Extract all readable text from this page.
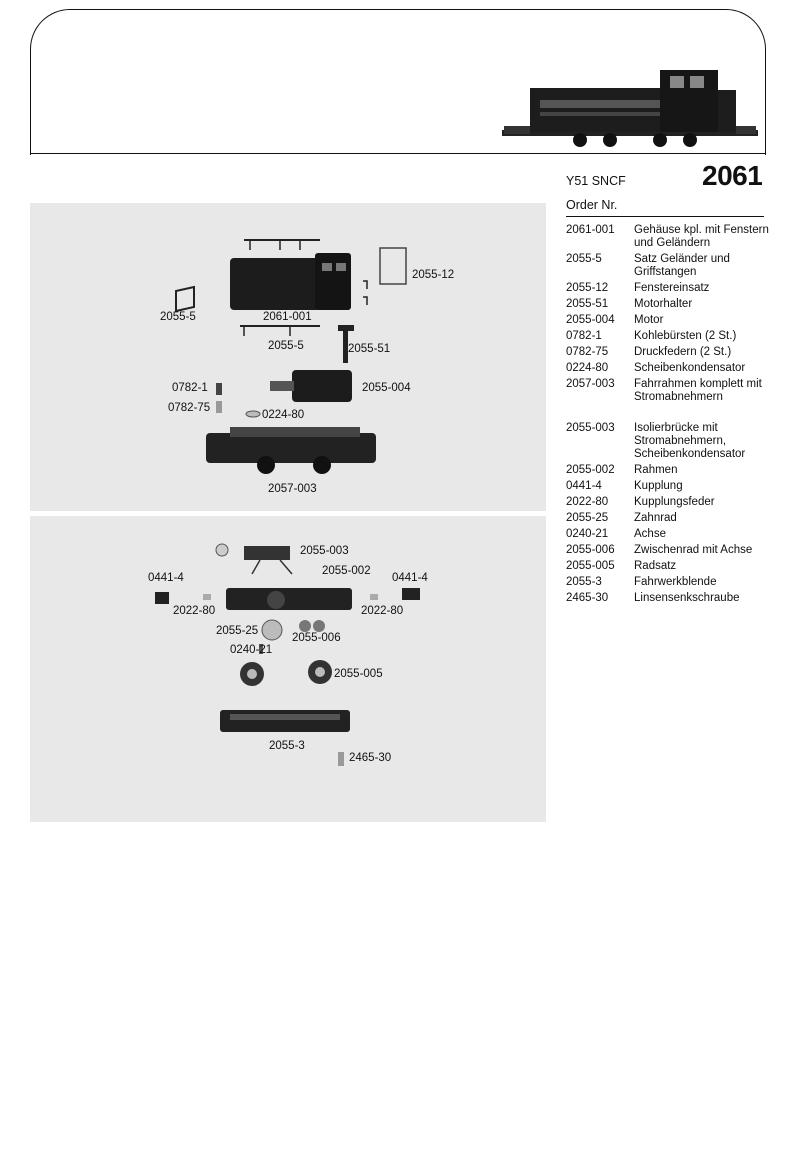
Y51 SNCF	2061
Order Nr.
2061-001	Gehäuse kpl. mit Fenstern und Geländern
2055-5	Satz Geländer und Griffstangen
2055-12	Fenstereinsatz
2055-51	Motorhalter
2055-004	Motor
0782-1	Kohlebürsten (2 St.)
0782-75	Druckfedern (2 St.)
0224-80	Scheibenkondensator
2057-003	Fahrrahmen komplett mit Stromabnehmern
2055-003	Isolierbrücke mit Stromabnehmern, Scheibenkondensator
2055-002	Rahmen
0441-4	Kupplung
2022-80	Kupplungsfeder
2055-25	Zahnrad
0240-21	Achse
2055-006	Zwischenrad mit Achse
2055-005	Radsatz
2055-3	Fahrwerkblende
2465-30	Linsensenkschraube
2055-12
2055-5	2061-001
2055-5	2055-51
0782-1	2055-004
0782-75
0224-80
2057-003
2055-003
2055-002
0441-4	0441-4
2022-80	2022-80
2055-25
2055-006
0240-21
2055-005
2055-3
2465-30
